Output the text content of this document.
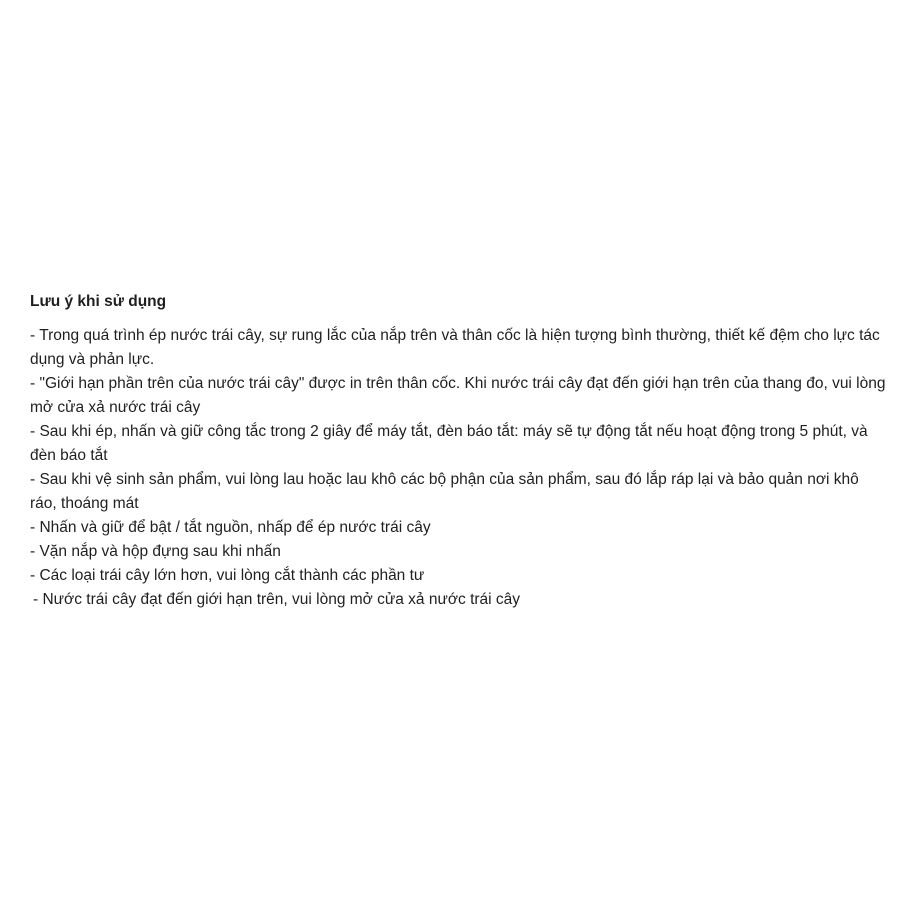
Lưu ý khi sử dụng

- Trong quá trình ép nước trái cây, sự rung lắc của nắp trên và thân cốc là hiện tượng bình thường, thiết kế đệm cho lực tác dụng và phản lực.

- "Giới hạn phần trên của nước trái cây" được in trên thân cốc. Khi nước trái cây đạt đến giới hạn trên của thang đo, vui lòng mở cửa xả nước trái cây

- Sau khi ép, nhấn và giữ công tắc trong 2 giây để máy tắt, đèn báo tắt: máy sẽ tự động tắt nếu hoạt động trong 5 phút, và đèn báo tắt

- Sau khi vệ sinh sản phẩm, vui lòng lau hoặc lau khô các bộ phận của sản phẩm, sau đó lắp ráp lại và bảo quản nơi khô ráo, thoáng mát

- Nhấn và giữ để bật / tắt nguồn, nhấp để ép nước trái cây

- Vặn nắp và hộp đựng sau khi nhấn

- Các loại trái cây lớn hơn, vui lòng cắt thành các phần tư

- Nước trái cây đạt đến giới hạn trên, vui lòng mở cửa xả nước trái cây
